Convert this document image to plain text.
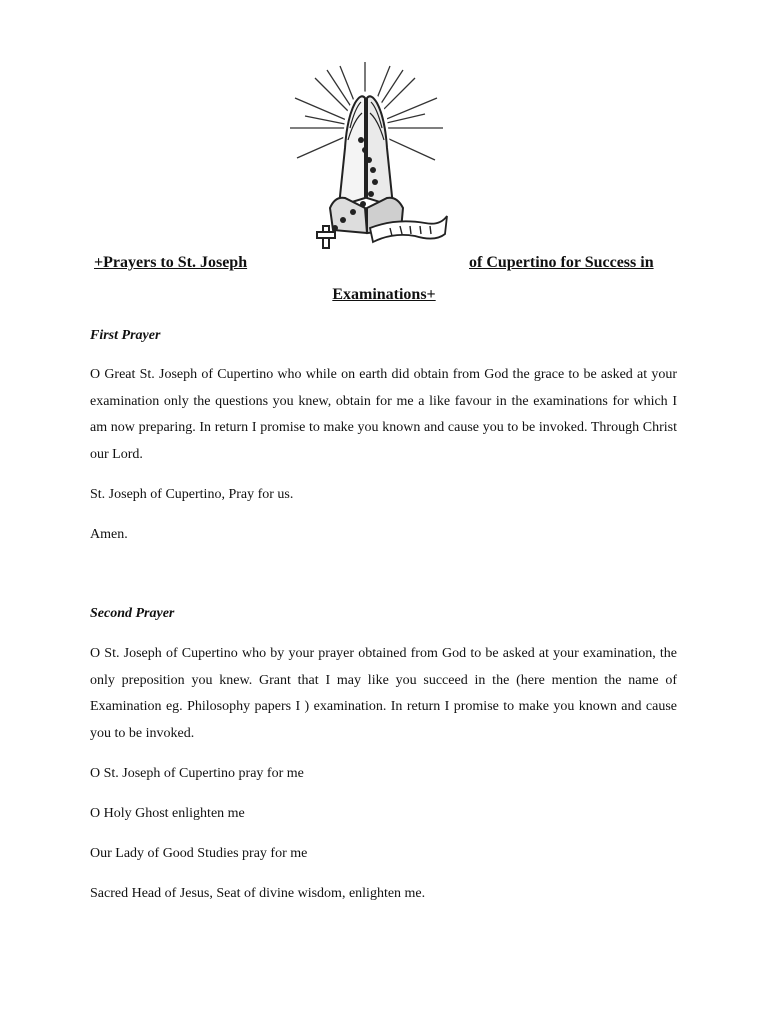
+Prayers to St. Joseph	of Cupertino for Success in
Examinations+
First Prayer
O Great St. Joseph of Cupertino who while on earth did obtain from God the grace to be asked at your examination only the questions you knew, obtain for me a like favour in the examinations for which I am now preparing. In return I promise to make you known and cause you to be invoked. Through Christ our Lord.
St. Joseph of Cupertino, Pray for us.
Amen.
Second Prayer
O St. Joseph of Cupertino who by your prayer obtained from God to be asked at your examination, the only preposition you knew. Grant that I may like you succeed in the (here mention the name of Examination eg. Philosophy papers I ) examination. In return I promise to make you known and cause you to be invoked.
O St. Joseph of Cupertino pray for me
O Holy Ghost enlighten me
Our Lady of Good Studies pray for me
Sacred Head of Jesus, Seat of divine wisdom, enlighten me.
